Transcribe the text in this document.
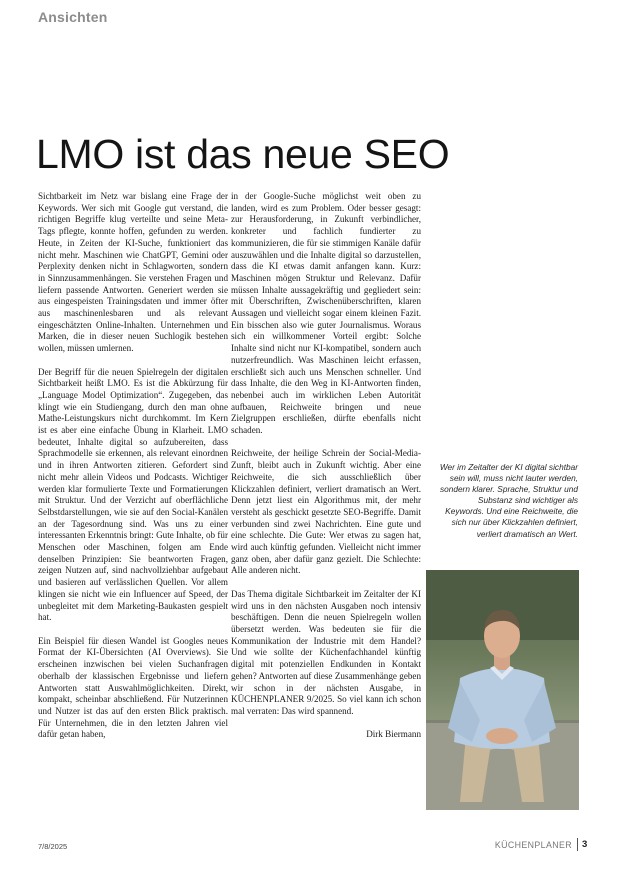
Ansichten
LMO ist das neue SEO

Sichtbarkeit im Netz war bislang eine Frage der Keywords. Wer sich mit Google gut verstand, die richtigen Begriffe klug verteilte und seine Meta-Tags pflegte, konnte hoffen, gefunden zu werden. Heute, in Zeiten der KI-Suche, funktioniert das nicht mehr. Maschinen wie ChatGPT, Gemini oder Perplexity denken nicht in Schlagworten, sondern in Sinnzusammenhängen. Sie verstehen Fragen und liefern passende Antworten. Generiert werden sie aus eingespeisten Trainingsdaten und immer öfter aus maschinenlesbaren und als relevant eingeschätzten Online-Inhalten. Unternehmen und Marken, die in dieser neuen Suchlogik bestehen wollen, müssen umlernen.

Der Begriff für die neuen Spielregeln der digitalen Sichtbarkeit heißt LMO. Es ist die Abkürzung für „Language Model Optimization“. Zugegeben, das klingt wie ein Studiengang, durch den man ohne Mathe-Leistungskurs nicht durchkommt. Im Kern ist es aber eine einfache Übung in Klarheit. LMO bedeutet, Inhalte digital so aufzubereiten, dass Sprachmodelle sie erkennen, als relevant einordnen und in ihren Antworten zitieren. Gefordert sind nicht mehr allein Videos und Podcasts. Wichtiger werden klar formulierte Texte und Formatierungen mit Struktur. Und der Verzicht auf oberflächliche Selbstdarstellungen, wie sie auf den Social-Kanälen an der Tagesordnung sind. Was uns zu einer interessanten Erkenntnis bringt: Gute Inhalte, ob für Menschen oder Maschinen, folgen am Ende denselben Prinzipien: Sie beantworten Fragen, zeigen Nutzen auf, sind nachvollziehbar aufgebaut und basieren auf verlässlichen Quellen. Vor allem klingen sie nicht wie ein Influencer auf Speed, der unbegleitet mit dem Marketing-Baukasten gespielt hat.

Ein Beispiel für diesen Wandel ist Googles neues Format der KI-Übersichten (AI Overviews). Sie erscheinen inzwischen bei vielen Suchanfragen oberhalb der klassischen Ergebnisse und liefern Antworten statt Auswahlmöglichkeiten. Direkt, kompakt, scheinbar abschließend. Für Nutzerinnen und Nutzer ist das auf den ersten Blick praktisch. Für Unternehmen, die in den letzten Jahren viel dafür getan haben,

in der Google-Suche möglichst weit oben zu landen, wird es zum Problem. Oder besser gesagt: zur Herausforderung, in Zukunft verbindlicher, konkreter und fachlich fundierter zu kommunizieren, die für sie stimmigen Kanäle dafür auszuwählen und die Inhalte digital so darzustellen, dass die KI etwas damit anfangen kann. Kurz: Maschinen mögen Struktur und Relevanz. Dafür müssen Inhalte aussagekräftig und gegliedert sein: mit Überschriften, Zwischenüberschriften, klaren Aussagen und vielleicht sogar einem kleinen Fazit. Ein bisschen also wie guter Journalismus. Woraus sich ein willkommener Vorteil ergibt: Solche Inhalte sind nicht nur KI-kompatibel, sondern auch nutzerfreundlich. Was Maschinen leicht erfassen, erschließt sich auch uns Menschen schneller. Und dass Inhalte, die den Weg in KI-Antworten finden, nebenbei auch im wirklichen Leben Autorität aufbauen, Reichweite bringen und neue Zielgruppen erschließen, dürfte ebenfalls nicht schaden.

Reichweite, der heilige Schrein der Social-Media-Zunft, bleibt auch in Zukunft wichtig. Aber eine Reichweite, die sich ausschließlich über Klickzahlen definiert, verliert dramatisch an Wert. Denn jetzt liest ein Algorithmus mit, der mehr versteht als geschickt gesetzte SEO-Begriffe. Damit verbunden sind zwei Nachrichten. Eine gute und eine schlechte. Die Gute: Wer etwas zu sagen hat, wird auch künftig gefunden. Vielleicht nicht immer ganz oben, aber dafür ganz gezielt. Die Schlechte: Alle anderen nicht.

Das Thema digitale Sichtbarkeit im Zeitalter der KI wird uns in den nächsten Ausgaben noch intensiv beschäftigen. Denn die neuen Spielregeln wollen übersetzt werden. Was bedeuten sie für die Kommunikation der Industrie mit dem Handel? Und wie sollte der Küchenfachhandel künftig digital mit potenziellen Endkunden in Kontakt gehen? Antworten auf diese Zusammenhänge geben wir schon in der nächsten Ausgabe, in KÜCHENPLANER 9/2025. So viel kann ich schon mal verraten: Das wird spannend.

Dirk Biermann

Wer im Zeitalter der KI digital sichtbar sein will, muss nicht lauter werden, sondern klarer. Sprache, Struktur und Substanz sind wichtiger als Keywords. Und eine Reichweite, die sich nur über Klickzahlen definiert, verliert dramatisch an Wert.

7/8/2025	KÜCHENPLANER 3
